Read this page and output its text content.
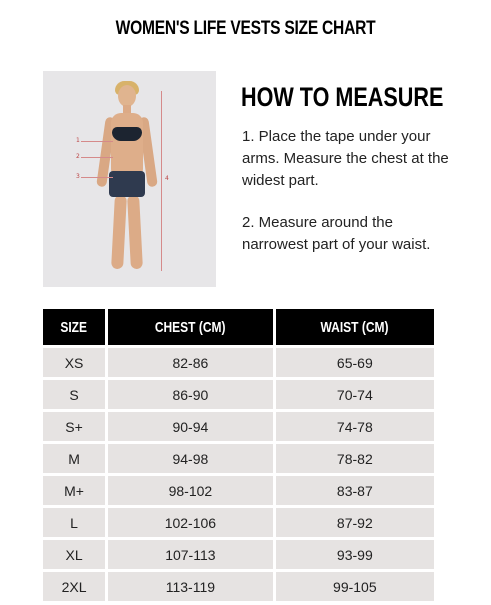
WOMEN'S LIFE VESTS SIZE CHART
1
2
3	4
HOW TO MEASURE
1. Place the tape under your arms. Measure the chest at the widest part.
2. Measure around the narrowest part of your waist.
SIZE	CHEST (CM)	WAIST (CM)
XS	82-86	65-69
S	86-90	70-74
S+	90-94	74-78
M	94-98	78-82
M+	98-102	83-87
L	102-106	87-92
XL	107-113	93-99
2XL	113-119	99-105
